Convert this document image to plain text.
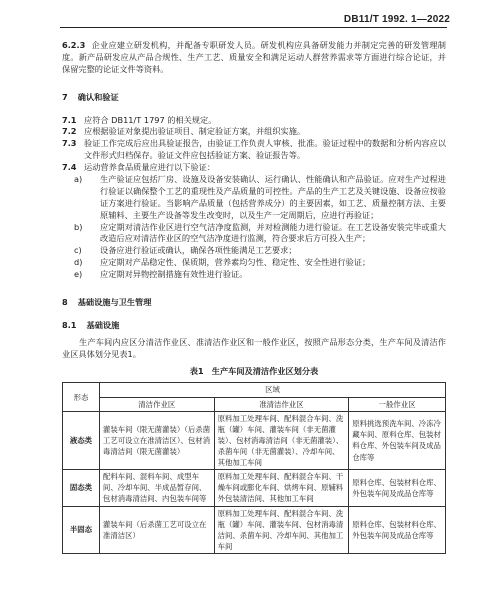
DB11/T 1992. 1—2022

6.2.3 企业应建立研发机构，并配备专职研发人员。研发机构应具备研发能力并制定完善的研发管理制度。新产品研发应从产品合规性、生产工艺、质量安全和满足运动人群营养需求等方面进行综合论证，并保留完整的论证文件等资料。

7 确认和验证

7.1 应符合 DB11/T 1797 的相关规定。
7.2 应根据验证对象提出验证项目、制定验证方案，并组织实施。
7.3 验证工作完成后应出具验证报告，由验证工作负责人审核、批准。验证过程中的数据和分析内容应以文件形式归档保存。验证文件应包括验证方案、验证报告等。
7.4 运动营养食品质量应进行以下验证：
a)	生产验证应包括厂房、设施及设备安装确认、运行确认、性能确认和产品验证。应对生产过程进行验证以确保整个工艺的重现性及产品质量的可控性。产品的生产工艺及关键设施、设备应按验证方案进行验证。当影响产品质量（包括营养成分）的主要因素，如工艺、质量控制方法、主要原辅料、主要生产设备等发生改变时，以及生产一定周期后，应进行再验证；
b)	应定期对清洁作业区进行空气洁净度监测，并对检测能力进行验证。在工艺设备安装完毕或重大改造后应对清洁作业区的空气洁净度进行监测，符合要求后方可投入生产；
c)	设备应进行验证或确认，确保各项性能满足工艺要求；
d)	应定期对产品稳定性、保质期，营养素均匀性、稳定性、安全性进行验证；
e)	应定期对异物控制措施有效性进行验证。

8 基础设施与卫生管理

8.1 基础设施

生产车间内应区分清洁作业区、准清洁作业区和一般作业区，按照产品形态分类，生产车间及清洁作业区具体划分见表1。

表1　生产车间及清洁作业区划分表

形态	区域		
	清洁作业区	准清洁作业区	一般作业区
液态类	灌装车间（限无菌灌装）（后杀菌工艺可设立在准清洁区）、包材消毒清洁间（限无菌灌装）	原料加工处理车间、配料混合车间、洗瓶（罐）车间、灌装车间（非无菌灌装）、包材消毒清洁间（非无菌灌装）、杀菌车间（非无菌灌装）、冷却车间、其他加工车间	原料挑选预洗车间、冷冻冷藏车间、原料仓库、包装材料仓库、外包装车间及成品仓库等
固态类	配料车间、混料车间、成型车间、冷却车间、半成品暂存间、包材消毒清洁间、内包装车间等	原料加工处理车间、配料混合车间、干燥车间或膨化车间、烘烤车间、原辅料外包装清洁间、其他加工车间	原料仓库、包装材料仓库、外包装车间及成品仓库等
半固态	灌装车间（后杀菌工艺可设立在准清洁区）	原料加工处理车间、配料混合车间、洗瓶（罐）车间、灌装车间、包材消毒清洁间、杀菌车间、冷却车间、其他加工车间	原料仓库、包装材料仓库、外包装车间及成品仓库等
